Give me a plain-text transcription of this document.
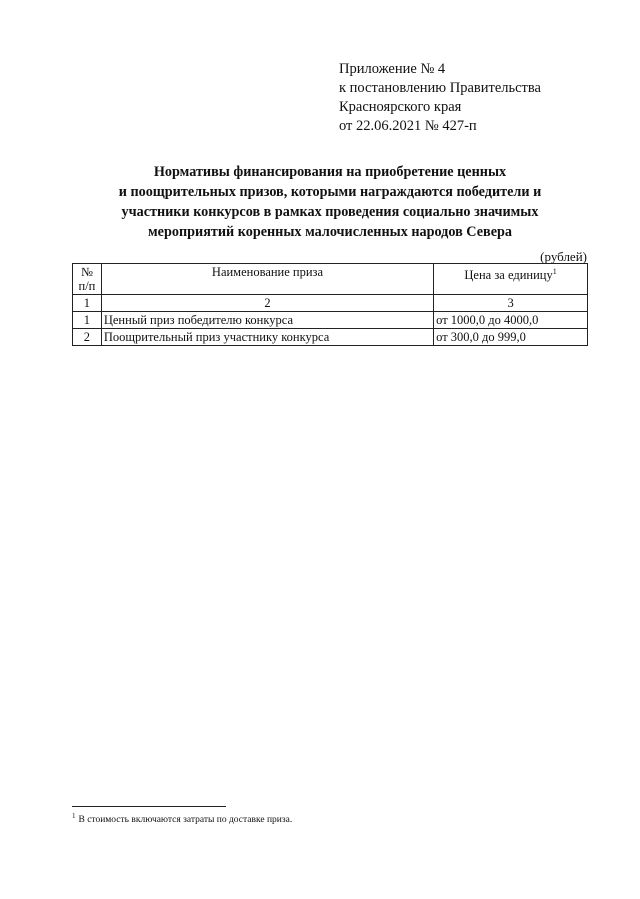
Приложение № 4
к постановлению Правительства
Красноярского края
от 22.06.2021 № 427-п
Нормативы финансирования на приобретение ценных
и поощрительных призов, которыми награждаются победители и
участники конкурсов в рамках проведения социально значимых
мероприятий коренных малочисленных народов Севера
(рублей)
№
п/п	Наименование приза	Цена за единицу$^1$
1	2	3
1	Ценный приз победителю конкурса	от 1000,0 до 4000,0
2	Поощрительный приз участнику конкурса	от 300,0 до 999,0
$^1$ В стоимость включаются затраты по доставке приза.
